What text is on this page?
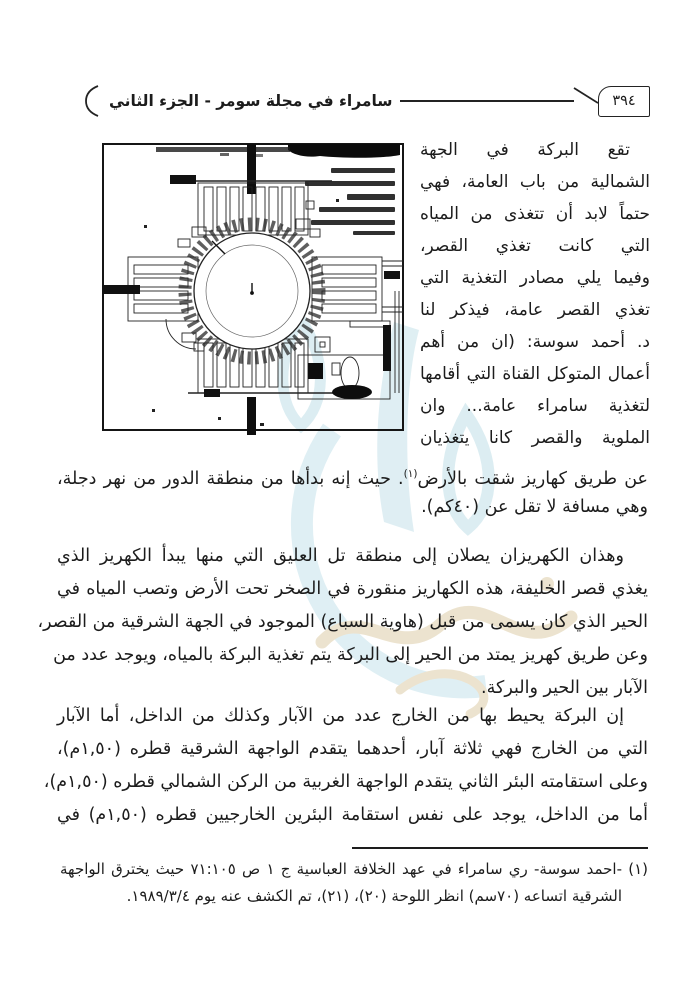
سامراء في مجلة سومر - الجزء الثاني	٣٩٤
تقع البركة في الجهة
الشمالية من باب العامة، فهي
حتماً لابد أن تتغذى من المياه
التي كانت تغذي القصر،
وفيما يلي مصادر التغذية التي
تغذي القصر عامة، فيذكر لنا
د. أحمد سوسة: (ان من أهم
أعمال المتوكل القناة التي أقامها
لتغذية سامراء عامة... وان
الملوية والقصر كانا يتغذيان
عن طريق كهاريز شقت بالأرض$^{(١)}$. حيث إنه بدأها من منطقة الدور من نهر دجلة،
وهي مسافة لا تقل عن (٤٠كم).
وهذان الكهريزان يصلان إلى منطقة تل العليق التي منها يبدأ الكهريز الذي
يغذي قصر الخليفة، هذه الكهاريز منقورة في الصخر تحت الأرض وتصب المياه في
الحير الذي كان يسمى من قبل (هاوية السباع) الموجود في الجهة الشرقية من القصر،
وعن طريق كهريز يمتد من الحير إلى البركة يتم تغذية البركة بالمياه، ويوجد عدد من
الآبار بين الحير والبركة.
إن البركة يحيط بها من الخارج عدد من الآبار وكذلك من الداخل، أما الآبار
التي من الخارج فهي ثلاثة آبار، أحدهما يتقدم الواجهة الشرقية قطره (١,٥٠م)،
وعلى استقامته البئر الثاني يتقدم الواجهة الغربية من الركن الشمالي قطره (١,٥٠م)،
أما من الداخل، يوجد على نفس استقامة البئرين الخارجيين قطره (١,٥٠م) في
(١) -احمد سوسة- ري سامراء في عهد الخلافة العباسية ج ١ ص ٧١:١٠٥ حيث يخترق الواجهة
الشرقية اتساعه (٧٠سم) انظر اللوحة (٢٠)، (٢١)، تم الكشف عنه يوم ١٩٨٩/٣/٤.
